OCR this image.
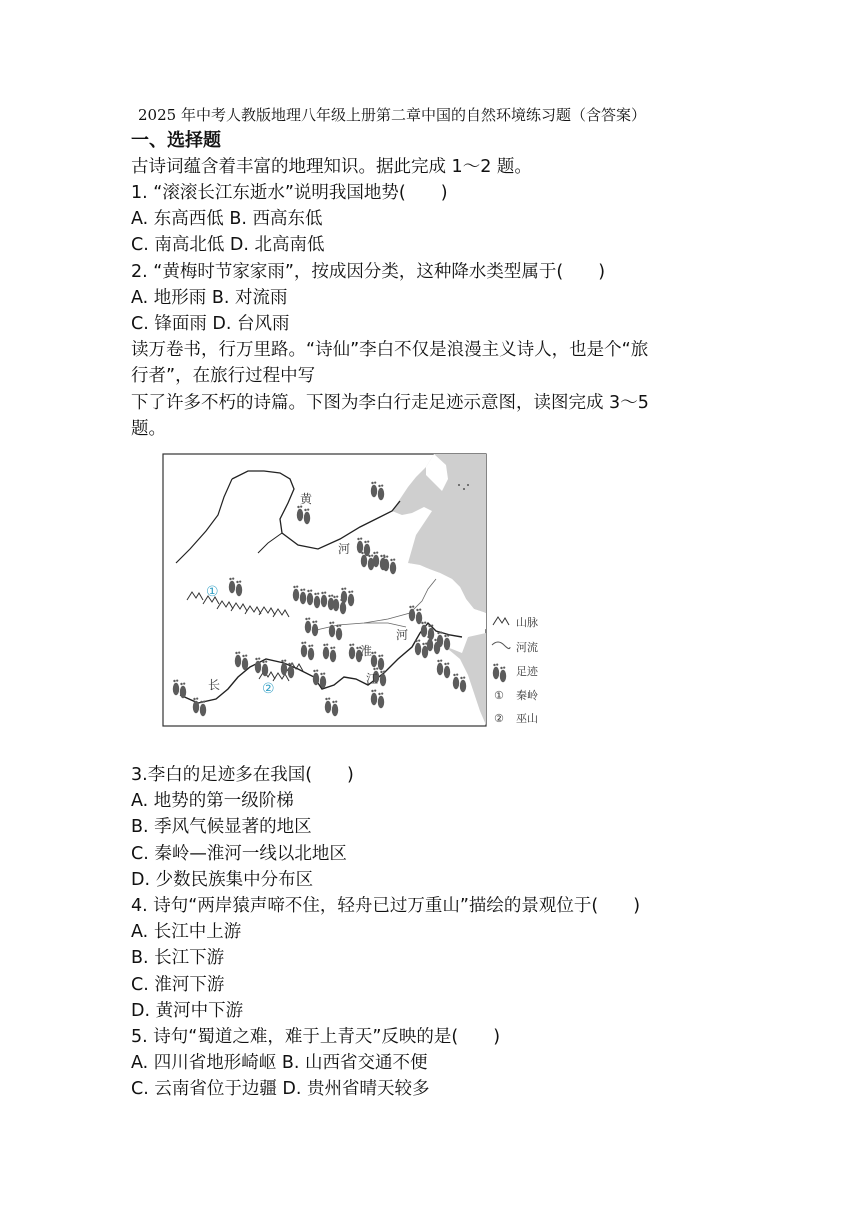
2025 年中考人教版地理八年级上册第二章中国的自然环境练习题（含答案）
一、选择题
古诗词蕴含着丰富的地理知识。据此完成 1～2 题。
1. “滚滚长江东逝水”说明我国地势(　　)
A. 东高西低 B. 西高东低
C. 南高北低 D. 北高南低
2. “黄梅时节家家雨”，按成因分类，这种降水类型属于(　　)
A. 地形雨 B. 对流雨
C. 锋面雨 D. 台风雨
读万卷书，行万里路。“诗仙”李白不仅是浪漫主义诗人，也是个“旅
行者”，在旅行过程中写
下了许多不朽的诗篇。下图为李白行走足迹示意图，读图完成 3～5
题。
黄
河
淮
河
长	江
①
②
山脉
河流
足迹
① 秦岭
② 巫山
3.李白的足迹多在我国(　　)
A. 地势的第一级阶梯
B. 季风气候显著的地区
C. 秦岭—淮河一线以北地区
D. 少数民族集中分布区
4. 诗句“两岸猿声啼不住，轻舟已过万重山”描绘的景观位于(　　)
A. 长江中上游
B. 长江下游
C. 淮河下游
D. 黄河中下游
5. 诗句“蜀道之难，难于上青天”反映的是(　　)
A. 四川省地形崎岖 B. 山西省交通不便
C. 云南省位于边疆 D. 贵州省晴天较多
